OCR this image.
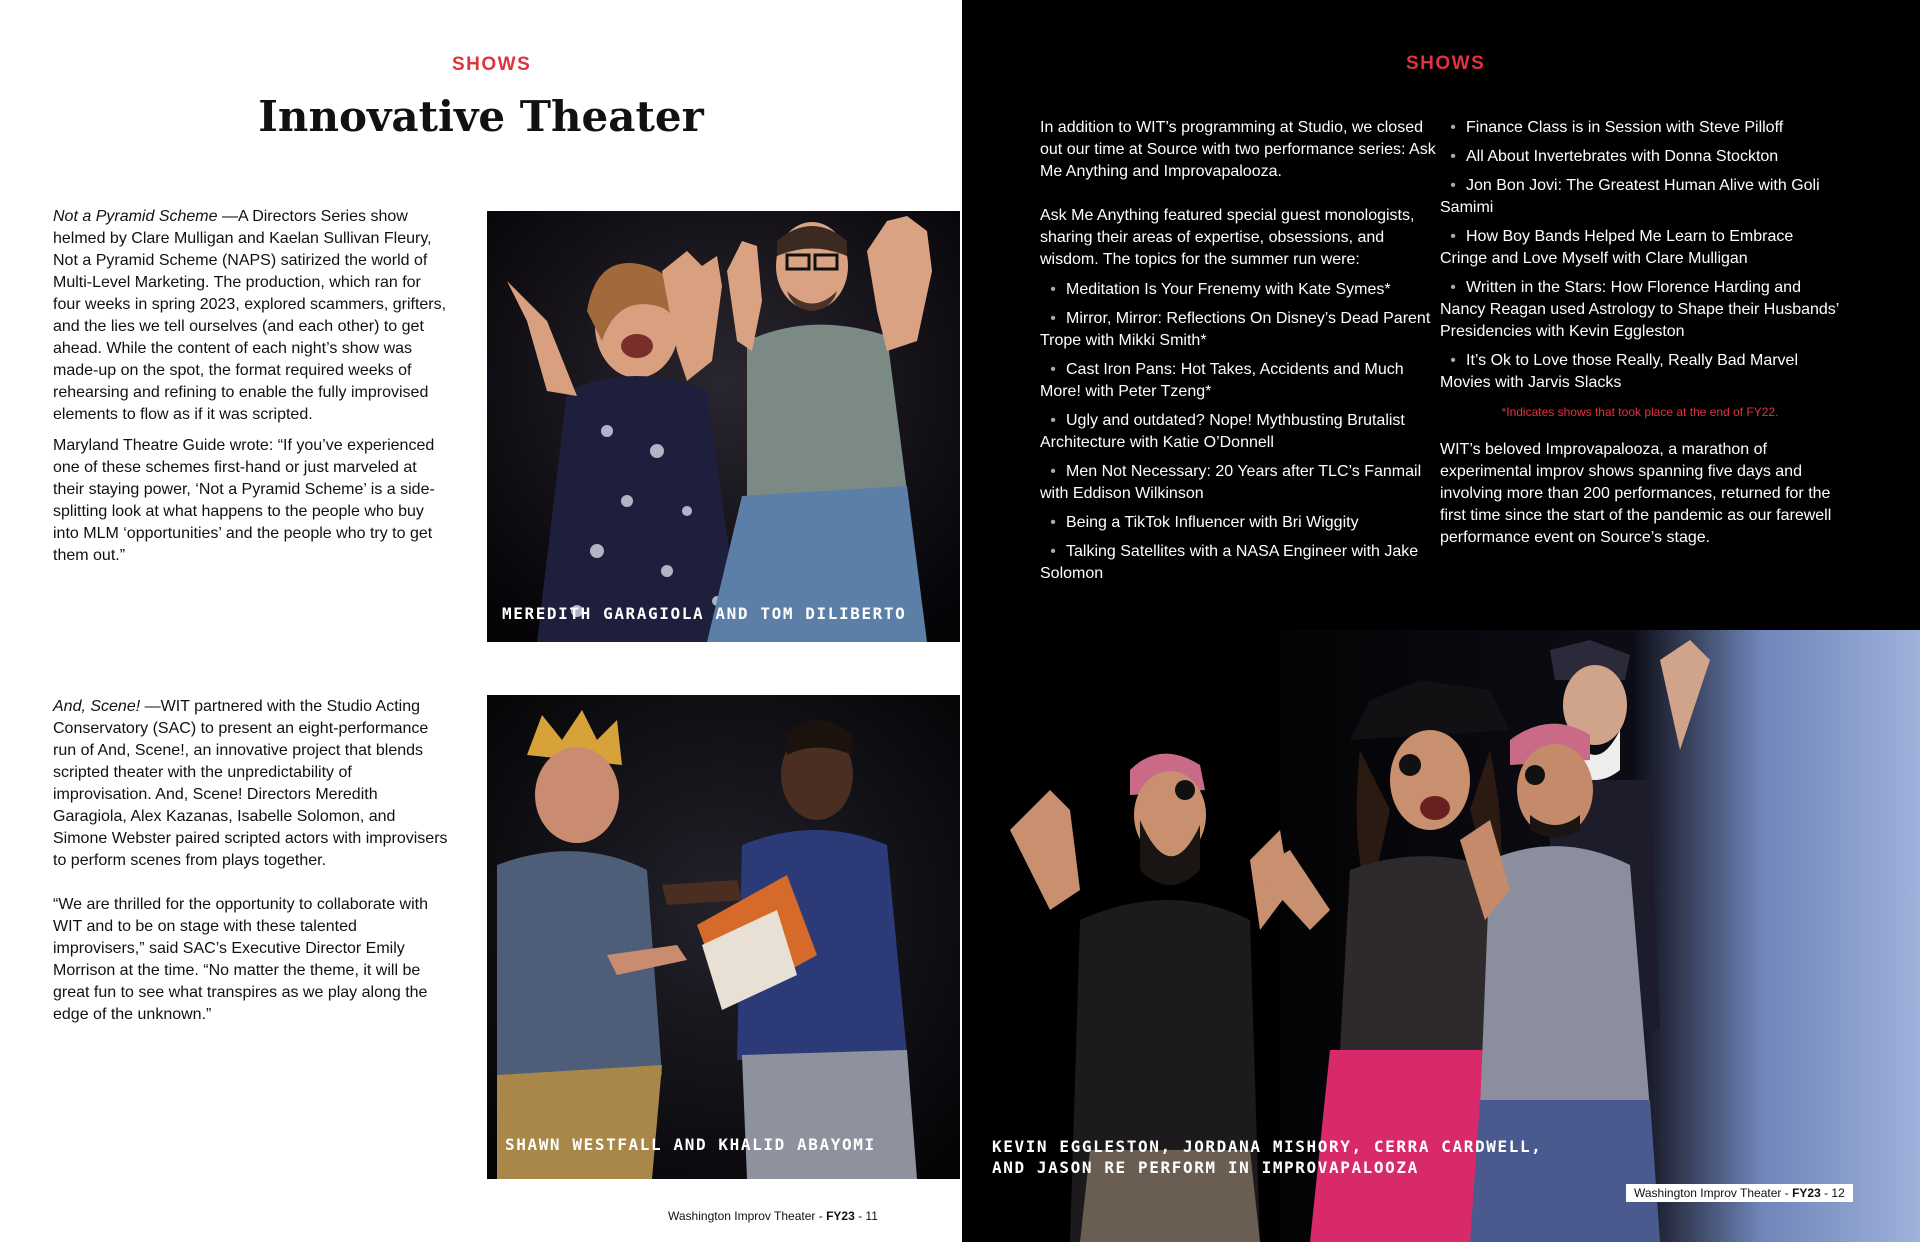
SHOWS
Innovative Theater

Not a Pyramid Scheme —A Directors Series show helmed by Clare Mulligan and Kaelan Sullivan Fleury, Not a Pyramid Scheme (NAPS) satirized the world of Multi-Level Marketing. The production, which ran for four weeks in spring 2023, explored scammers, grifters, and the lies we tell ourselves (and each other) to get ahead. While the content of each night’s show was made-up on the spot, the format required weeks of rehearsing and refining to enable the fully improvised elements to flow as if it was scripted.

Maryland Theatre Guide wrote: “If you’ve experienced one of these schemes first-hand or just marveled at their staying power, ‘Not a Pyramid Scheme’ is a side-splitting look at what happens to the people who buy into MLM ‘opportunities’ and the people who try to get them out.”

MEREDITH GARAGIOLA AND TOM DILIBERTO

And, Scene! —WIT partnered with the Studio Acting Conservatory (SAC) to present an eight-performance run of And, Scene!, an innovative project that blends scripted theater with the unpredictability of improvisation. And, Scene! Directors Meredith Garagiola, Alex Kazanas, Isabelle Solomon, and Simone Webster paired scripted actors with improvisers to perform scenes from plays together.

“We are thrilled for the opportunity to collaborate with WIT and to be on stage with these talented improvisers,” said SAC’s Executive Director Emily Morrison at the time. “No matter the theme, it will be great fun to see what transpires as we play along the edge of the unknown.”

SHAWN WESTFALL AND KHALID ABAYOMI
Washington Improv Theater - FY23 - 11
SHOWS

In addition to WIT’s programming at Studio, we closed out our time at Source with two performance series: Ask Me Anything and Improvapalooza.

Ask Me Anything featured special guest monologists, sharing their areas of expertise, obsessions, and wisdom. The topics for the summer run were:

• Meditation Is Your Frenemy with Kate Symes*
• Mirror, Mirror: Reflections On Disney’s Dead Parent Trope with Mikki Smith*
• Cast Iron Pans: Hot Takes, Accidents and Much More! with Peter Tzeng*
• Ugly and outdated? Nope! Mythbusting Brutalist Architecture with Katie O’Donnell
• Men Not Necessary: 20 Years after TLC’s Fanmail with Eddison Wilkinson
• Being a TikTok Influencer with Bri Wiggity
• Talking Satellites with a NASA Engineer with Jake Solomon
• Finance Class is in Session with Steve Pilloff
• All About Invertebrates with Donna Stockton
• Jon Bon Jovi: The Greatest Human Alive with Goli Samimi
• How Boy Bands Helped Me Learn to Embrace Cringe and Love Myself with Clare Mulligan
• Written in the Stars: How Florence Harding and Nancy Reagan used Astrology to Shape their Husbands’ Presidencies with Kevin Eggleston
• It’s Ok to Love those Really, Really Bad Marvel Movies with Jarvis Slacks
*Indicates shows that took place at the end of FY22.

WIT’s beloved Improvapalooza, a marathon of experimental improv shows spanning five days and involving more than 200 performances, returned for the first time since the start of the pandemic as our farewell performance event on Source’s stage.

KEVIN EGGLESTON, JORDANA MISHORY, CERRA CARDWELL,
AND JASON RE PERFORM IN IMPROVAPALOOZA
Washington Improv Theater - FY23 - 12
